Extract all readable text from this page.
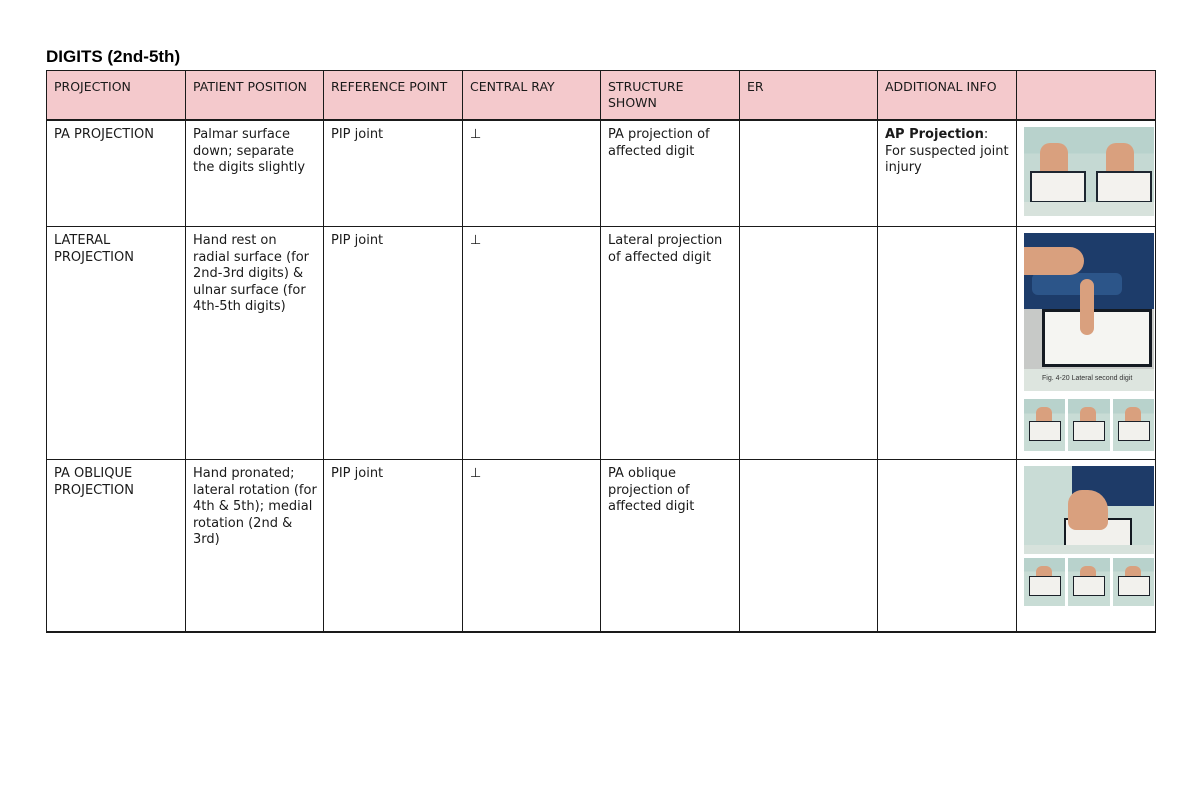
DIGITS (2nd-5th)
PROJECTION	PATIENT POSITION	REFERENCE POINT	CENTRAL RAY	STRUCTURE SHOWN	ER	ADDITIONAL INFO	
PA PROJECTION	Palmar surface down; separate the digits slightly	PIP joint	⊥	PA projection of affected digit		AP Projection: For suspected joint injury	

LATERAL PROJECTION	Hand rest on radial surface (for 2nd-3rd digits) & ulnar surface (for 4th-5th digits)	PIP joint	⊥	Lateral projection of affected digit			Fig. 4-20 Lateral second digit

PA OBLIQUE PROJECTION	Hand pronated; lateral rotation (for 4th & 5th); medial rotation (2nd & 3rd)	PIP joint	⊥	PA oblique projection of affected digit			
